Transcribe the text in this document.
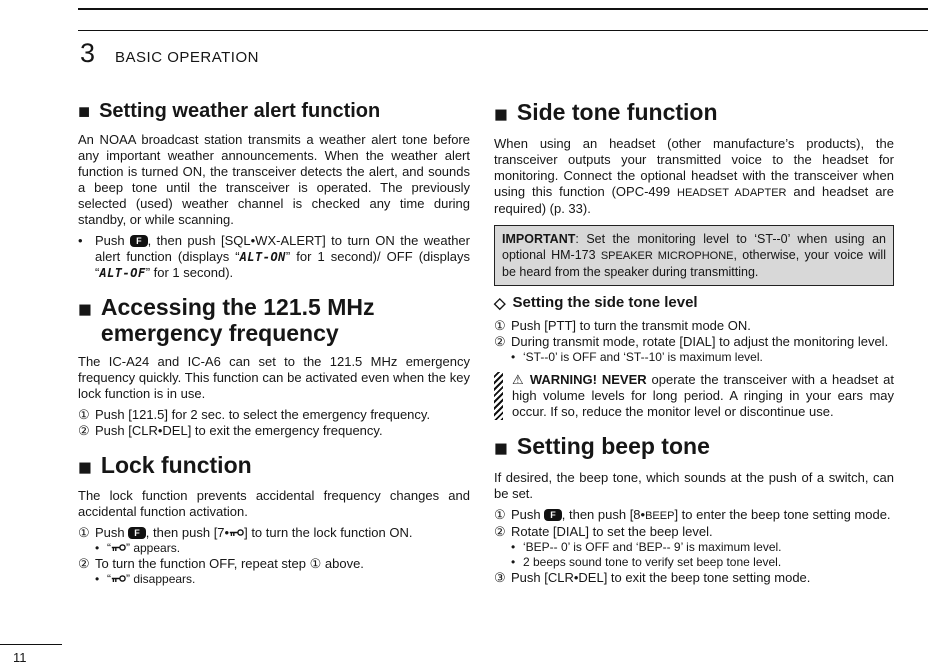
3 BASIC OPERATION
■ Setting weather alert function

An NOAA broadcast station transmits a weather alert tone before any important weather announcements. When the weather alert function is turned ON, the transceiver detects the alert, and sounds a beep tone until the transceiver is operated. The previously selected (used) weather channel is checked any time during standby, or while scanning.

• Push F , then push [SQL•WX-ALERT] to turn ON the weather alert function (displays “ALT-ON” for 1 second)/ OFF (displays “ALT-OF” for 1 second).
■ Accessing the 121.5 MHz emergency frequency

The IC-A24 and IC-A6 can set to the 121.5 MHz emergency frequency quickly. This function can be activated even when the key lock function is in use.

① Push [121.5] for 2 sec. to select the emergency frequency.
② Push [CLR•DEL] to exit the emergency frequency.
■ Lock function

The lock function prevents accidental frequency changes and accidental function activation.

① Push F , then push [7• ] to turn the lock function ON.
• “ ” appears.
② To turn the function OFF, repeat step ① above.
• “ ” disappears.
■ Side tone function

When using an headset (other manufacture’s products), the transceiver outputs your transmitted voice to the headset for monitoring. Connect the optional headset with the transceiver when using this function (OPC-499 HEADSET ADAPTER and headset are required) (p. 33).

IMPORTANT: Set the monitoring level to ‘ST--0’ when using an optional HM-173 SPEAKER MICROPHONE, otherwise, your voice will be heard from the speaker during transmitting.
◇ Setting the side tone level
① Push [PTT] to turn the transmit mode ON.
② During transmit mode, rotate [DIAL] to adjust the monitoring level.
• ‘ST--0’ is OFF and ‘ST--10’ is maximum level.
⚠ WARNING! NEVER operate the transceiver with a headset at high volume levels for long period. A ringing in your ears may occur. If so, reduce the monitor level or discontinue use.
■ Setting beep tone

If desired, the beep tone, which sounds at the push of a switch, can be set.

① Push F , then push [8•BEEP] to enter the beep tone setting mode.
② Rotate [DIAL] to set the beep level.
• ‘BEP-- 0’ is OFF and ‘BEP-- 9’ is maximum level.
• 2 beeps sound tone to verify set beep tone level.
③ Push [CLR•DEL] to exit the beep tone setting mode.
11
